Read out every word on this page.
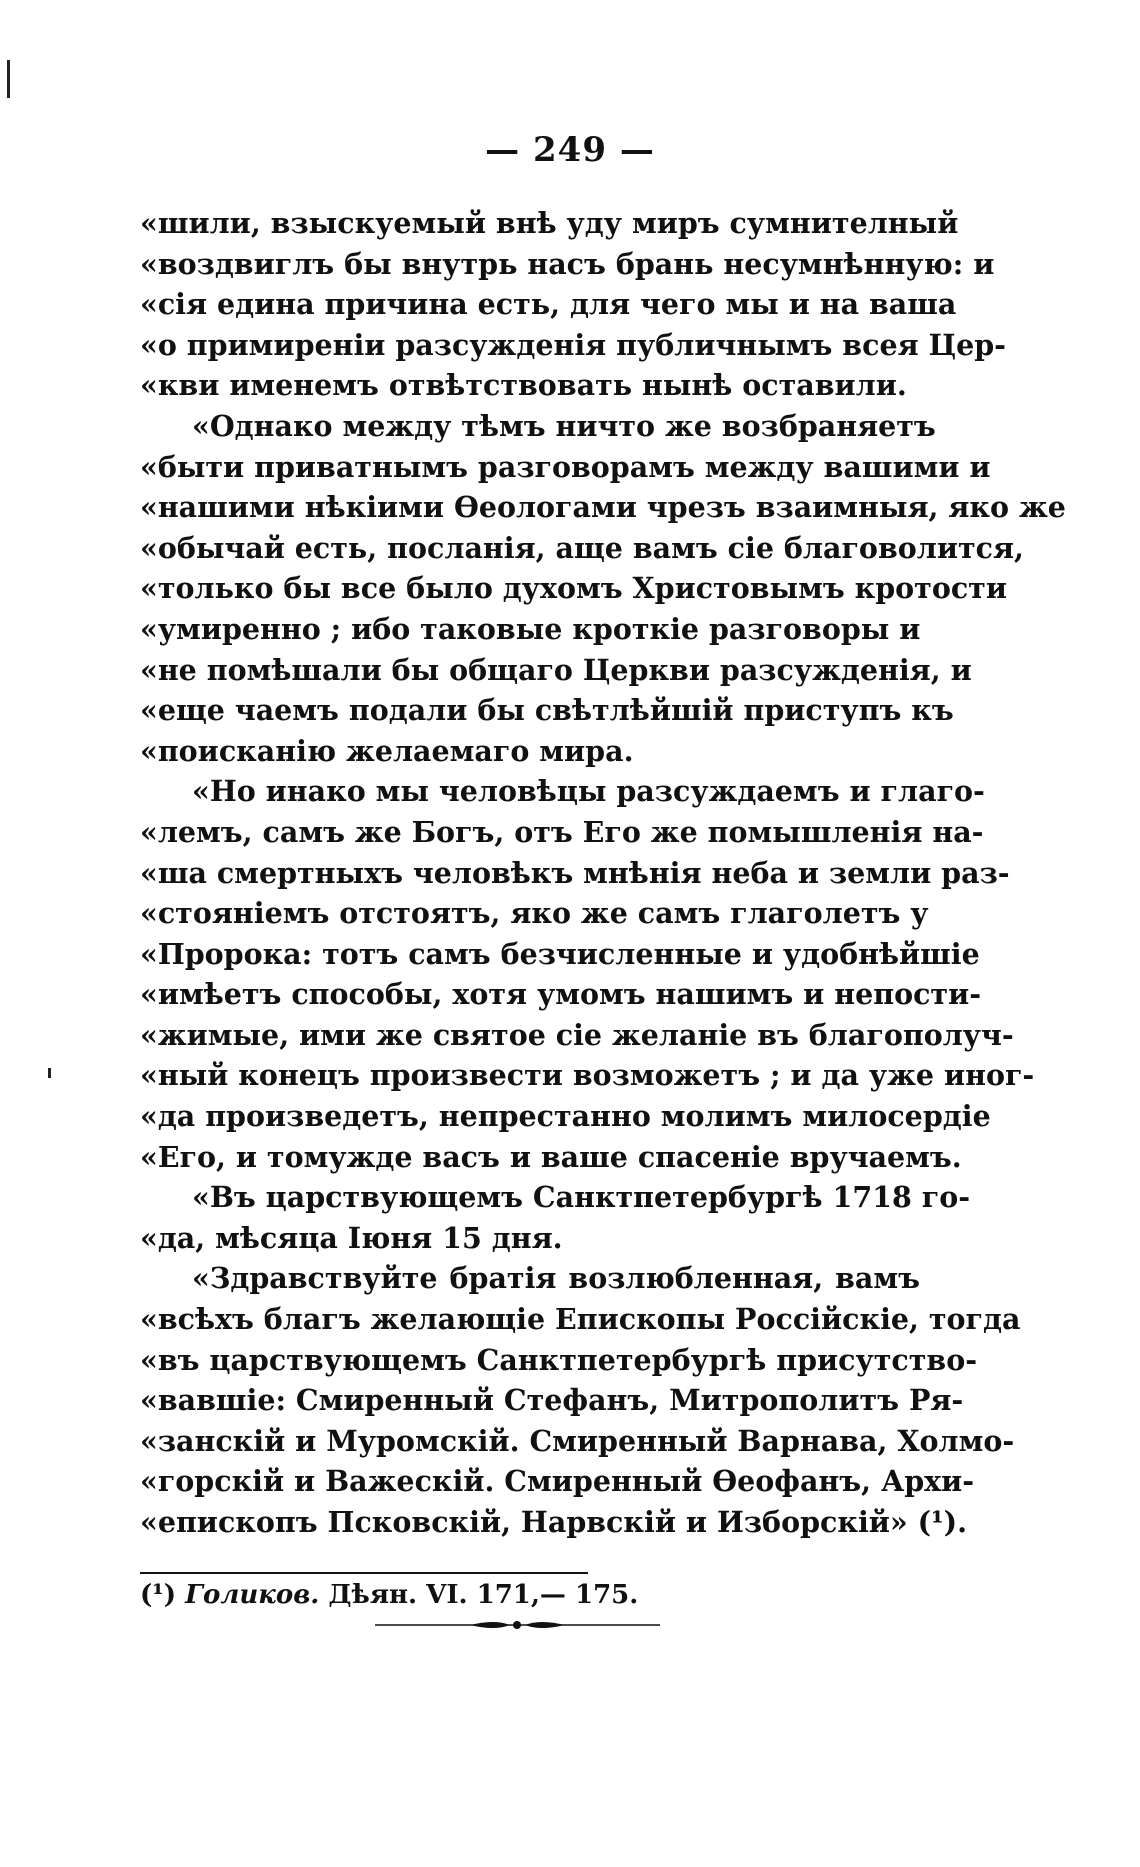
— 249 —
«шили, взыскуемый внѣ уду миръ сумнителный
«воздвиглъ бы внутрь насъ брань несумнѣнную: и
«сія едина причина есть, для чего мы и на ваша
«о примиреніи разсужденія публичнымъ всея Цер-
«кви именемъ отвѣтствовать нынѣ оставили.
«Однако между тѣмъ ничто же возбраняетъ
«быти приватнымъ разговорамъ между вашими и
«нашими нѣкіими Ѳеологами чрезъ взаимныя, яко же
«обычай есть, посланія, аще вамъ сіе благоволится,
«только бы все было духомъ Христовымъ кротости
«умиренно ; ибо таковые кроткіе разговоры и
«не помѣшали бы общаго Церкви разсужденія, и
«еще чаемъ подали бы свѣтлѣйшій приступъ къ
«поисканію желаемаго мира.
«Но инако мы человѣцы разсуждаемъ и глаго-
«лемъ, самъ же Богъ, отъ Его же помышленія на-
«ша смертныхъ человѣкъ мнѣнія неба и земли раз-
«стояніемъ отстоятъ, яко же самъ глаголетъ у
«Пророка: тотъ самъ безчисленные и удобнѣйшіе
«имѣетъ способы, хотя умомъ нашимъ и непости-
«жимые, ими же святое сіе желаніе въ благополуч-
«ный конецъ произвести возможетъ ; и да уже иног-
«да произведетъ, непрестанно молимъ милосердіе
«Его, и томужде васъ и ваше спасеніе вручаемъ.
«Въ царствующемъ Санктпетербургѣ 1718 го-
«да, мѣсяца Іюня 15 дня.
«Здравствуйте братія возлюбленная, вамъ
«всѣхъ благъ желающіе Епископы Россійскіе, тогда
«въ царствующемъ Санктпетербургѣ присутство-
«вавшіе: Смиренный Стефанъ, Митрополитъ Ря-
«занскій и Муромскій. Смиренный Варнава, Холмо-
«горскій и Важескій. Смиренный Ѳеофанъ, Архи-
«епископъ Псковскій, Нарвскій и Изборскій» (¹).
(¹) Голиков. Дѣян. VI. 171,— 175.
